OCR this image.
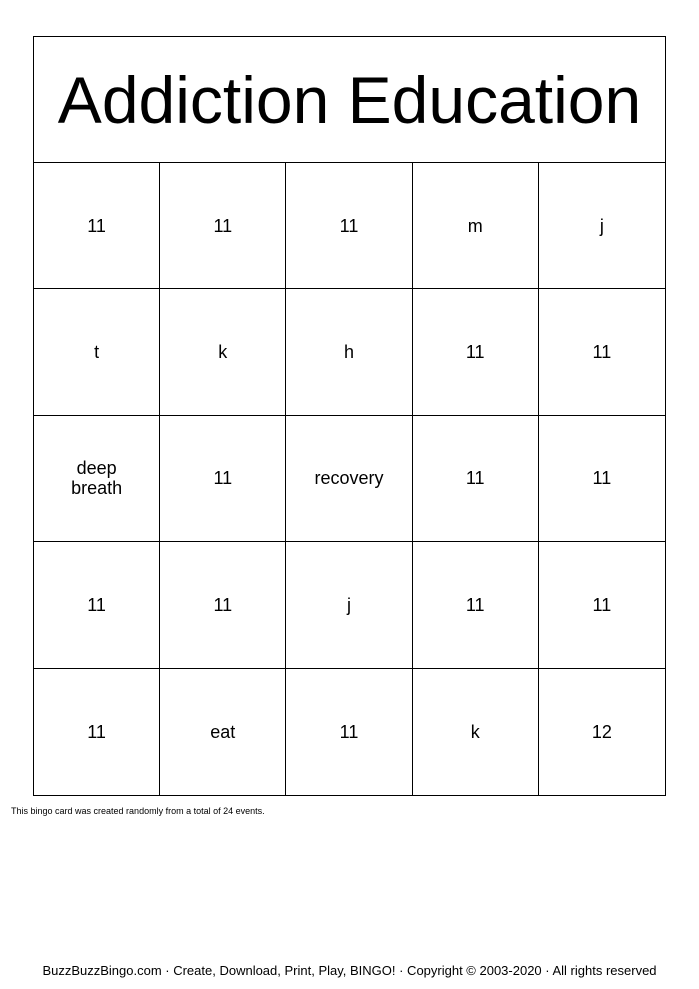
Addiction Education
11	11	11	m	j
t	k	h	11	11
deep
breath	11	recovery	11	11
11	11	j	11	11
11	eat	11	k	12
This bingo card was created randomly from a total of 24 events.
BuzzBuzzBingo.com · Create, Download, Print, Play, BINGO! · Copyright © 2003-2020 · All rights reserved
